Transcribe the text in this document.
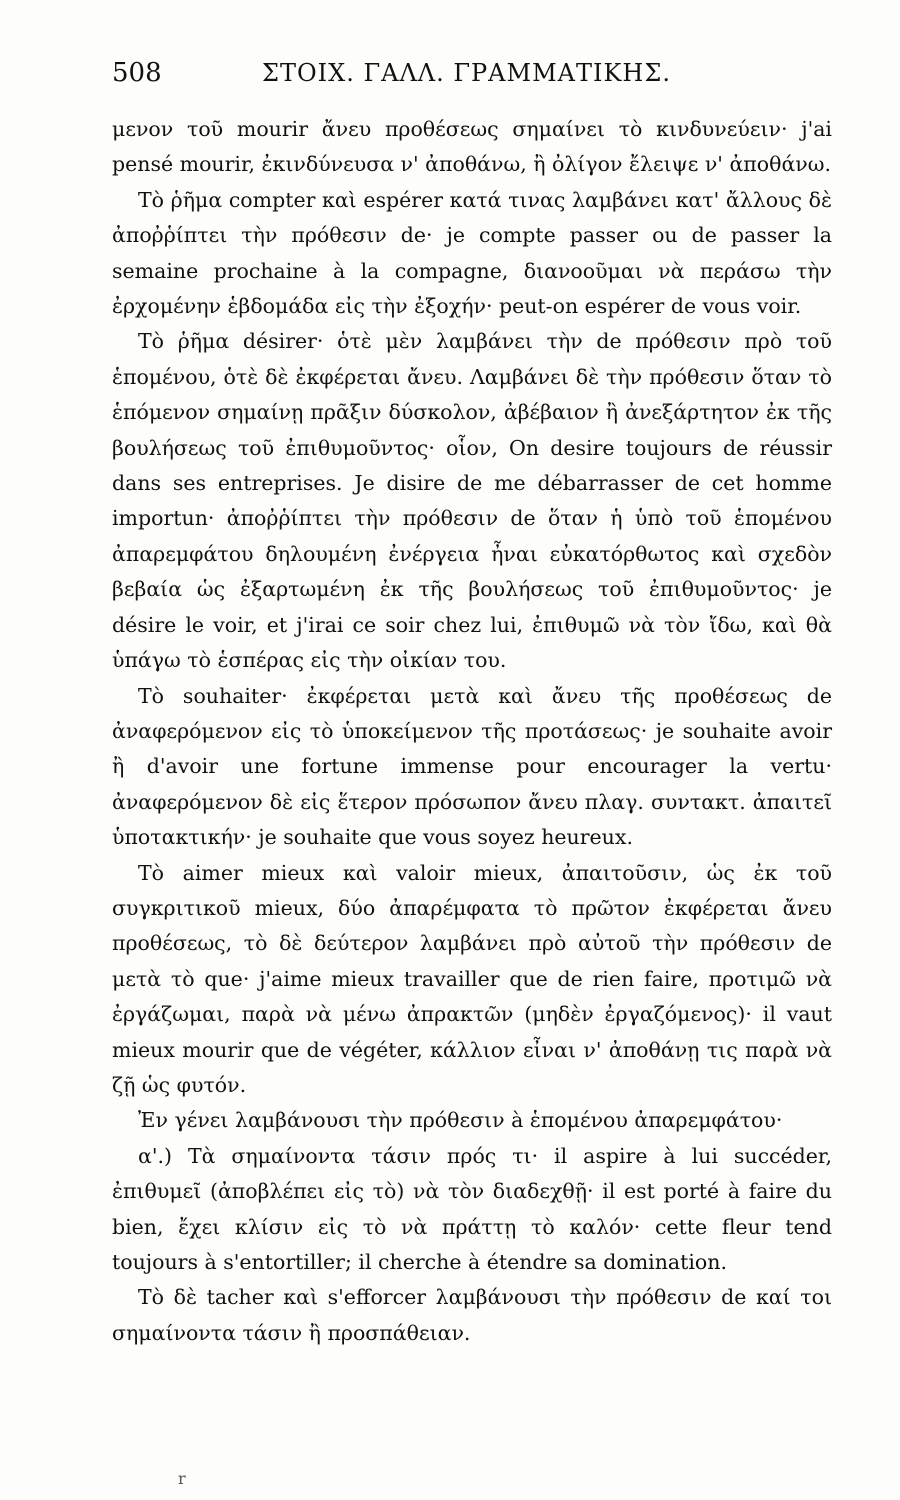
508	ΣΤΟΙΧ. ΓΑΛΛ. ΓΡΑΜΜΑΤΙΚΗΣ.

μενον τοῦ mourir ἄνευ προθέσεως σημαίνει τὸ κινδυνεύειν· j'ai pensé mourir, ἐκινδύνευσα ν' ἀποθάνω, ἢ ὀλίγον ἔλειψε ν' ἀποθάνω.

Τὸ ῥῆμα compter καὶ espérer κατά τινας λαμβάνει κατ' ἄλλους δὲ ἀποῤῥίπτει τὴν πρόθεσιν de· je compte passer ou de passer la semaine prochaine à la compagne, διανοοῦμαι νὰ περάσω τὴν ἐρχομένην ἑβδομάδα εἰς τὴν ἐξοχήν· peut-on espérer de vous voir.

Τὸ ῥῆμα désirer· ὁτὲ μὲν λαμβάνει τὴν de πρόθεσιν πρὸ τοῦ ἑπομένου, ὁτὲ δὲ ἐκφέρεται ἄνευ. Λαμβάνει δὲ τὴν πρόθεσιν ὅταν τὸ ἑπόμενον σημαίνῃ πρᾶξιν δύσκολον, ἀβέβαιον ἢ ἀνεξάρτητον ἐκ τῆς βουλήσεως τοῦ ἐπιθυμοῦντος· οἷον, On desire toujours de réussir dans ses entreprises. Je disire de me débarrasser de cet homme importun· ἀποῤῥίπτει τὴν πρόθεσιν de ὅταν ἡ ὑπὸ τοῦ ἑπομένου ἀπαρεμφάτου δηλουμένη ἐνέργεια ἦναι εὐκατόρθωτος καὶ σχεδὸν βεβαία ὡς ἐξαρτωμένη ἐκ τῆς βουλήσεως τοῦ ἐπιθυμοῦντος· je désire le voir, et j'irai ce soir chez lui, ἐπιθυμῶ νὰ τὸν ἴδω, καὶ θὰ ὑπάγω τὸ ἑσπέρας εἰς τὴν οἰκίαν του.

Τὸ souhaiter· ἐκφέρεται μετὰ καὶ ἄνευ τῆς προθέσεως de ἀναφερόμενον εἰς τὸ ὑποκείμενον τῆς προτάσεως· je souhaite avoir ἢ d'avoir une fortune immense pour encourager la vertu· ἀναφερόμενον δὲ εἰς ἕτερον πρόσωπον ἄνευ πλαγ. συντακτ. ἀπαιτεῖ ὑποτακτικήν· je souhaite que vous soyez heureux.

Τὸ aimer mieux καὶ valoir mieux, ἀπαιτοῦσιν, ὡς ἐκ τοῦ συγκριτικοῦ mieux, δύο ἀπαρέμφατα τὸ πρῶτον ἐκφέρεται ἄνευ προθέσεως, τὸ δὲ δεύτερον λαμβάνει πρὸ αὐτοῦ τὴν πρόθεσιν de μετὰ τὸ que· j'aime mieux travailler que de rien faire, προτιμῶ νὰ ἐργάζωμαι, παρὰ νὰ μένω ἀπρακτῶν (μηδὲν ἐργαζόμενος)· il vaut mieux mourir que de végéter, κάλλιον εἶναι ν' ἀποθάνῃ τις παρὰ νὰ ζῇ ὡς φυτόν.

Ἐν γένει λαμβάνουσι τὴν πρόθεσιν à ἑπομένου ἀπαρεμφάτου·

α'.) Τὰ σημαίνοντα τάσιν πρός τι· il aspire à lui succéder, ἐπιθυμεῖ (ἀποβλέπει εἰς τὸ) νὰ τὸν διαδεχθῇ· il est porté à faire du bien, ἔχει κλίσιν εἰς τὸ νὰ πράττῃ τὸ καλόν· cette fleur tend toujours à s'entortiller; il cherche à étendre sa domination.

Τὸ δὲ tacher καὶ s'efforcer λαμβάνουσι τὴν πρόθεσιν de καί τοι σημαίνοντα τάσιν ἢ προσπάθειαν.

r
